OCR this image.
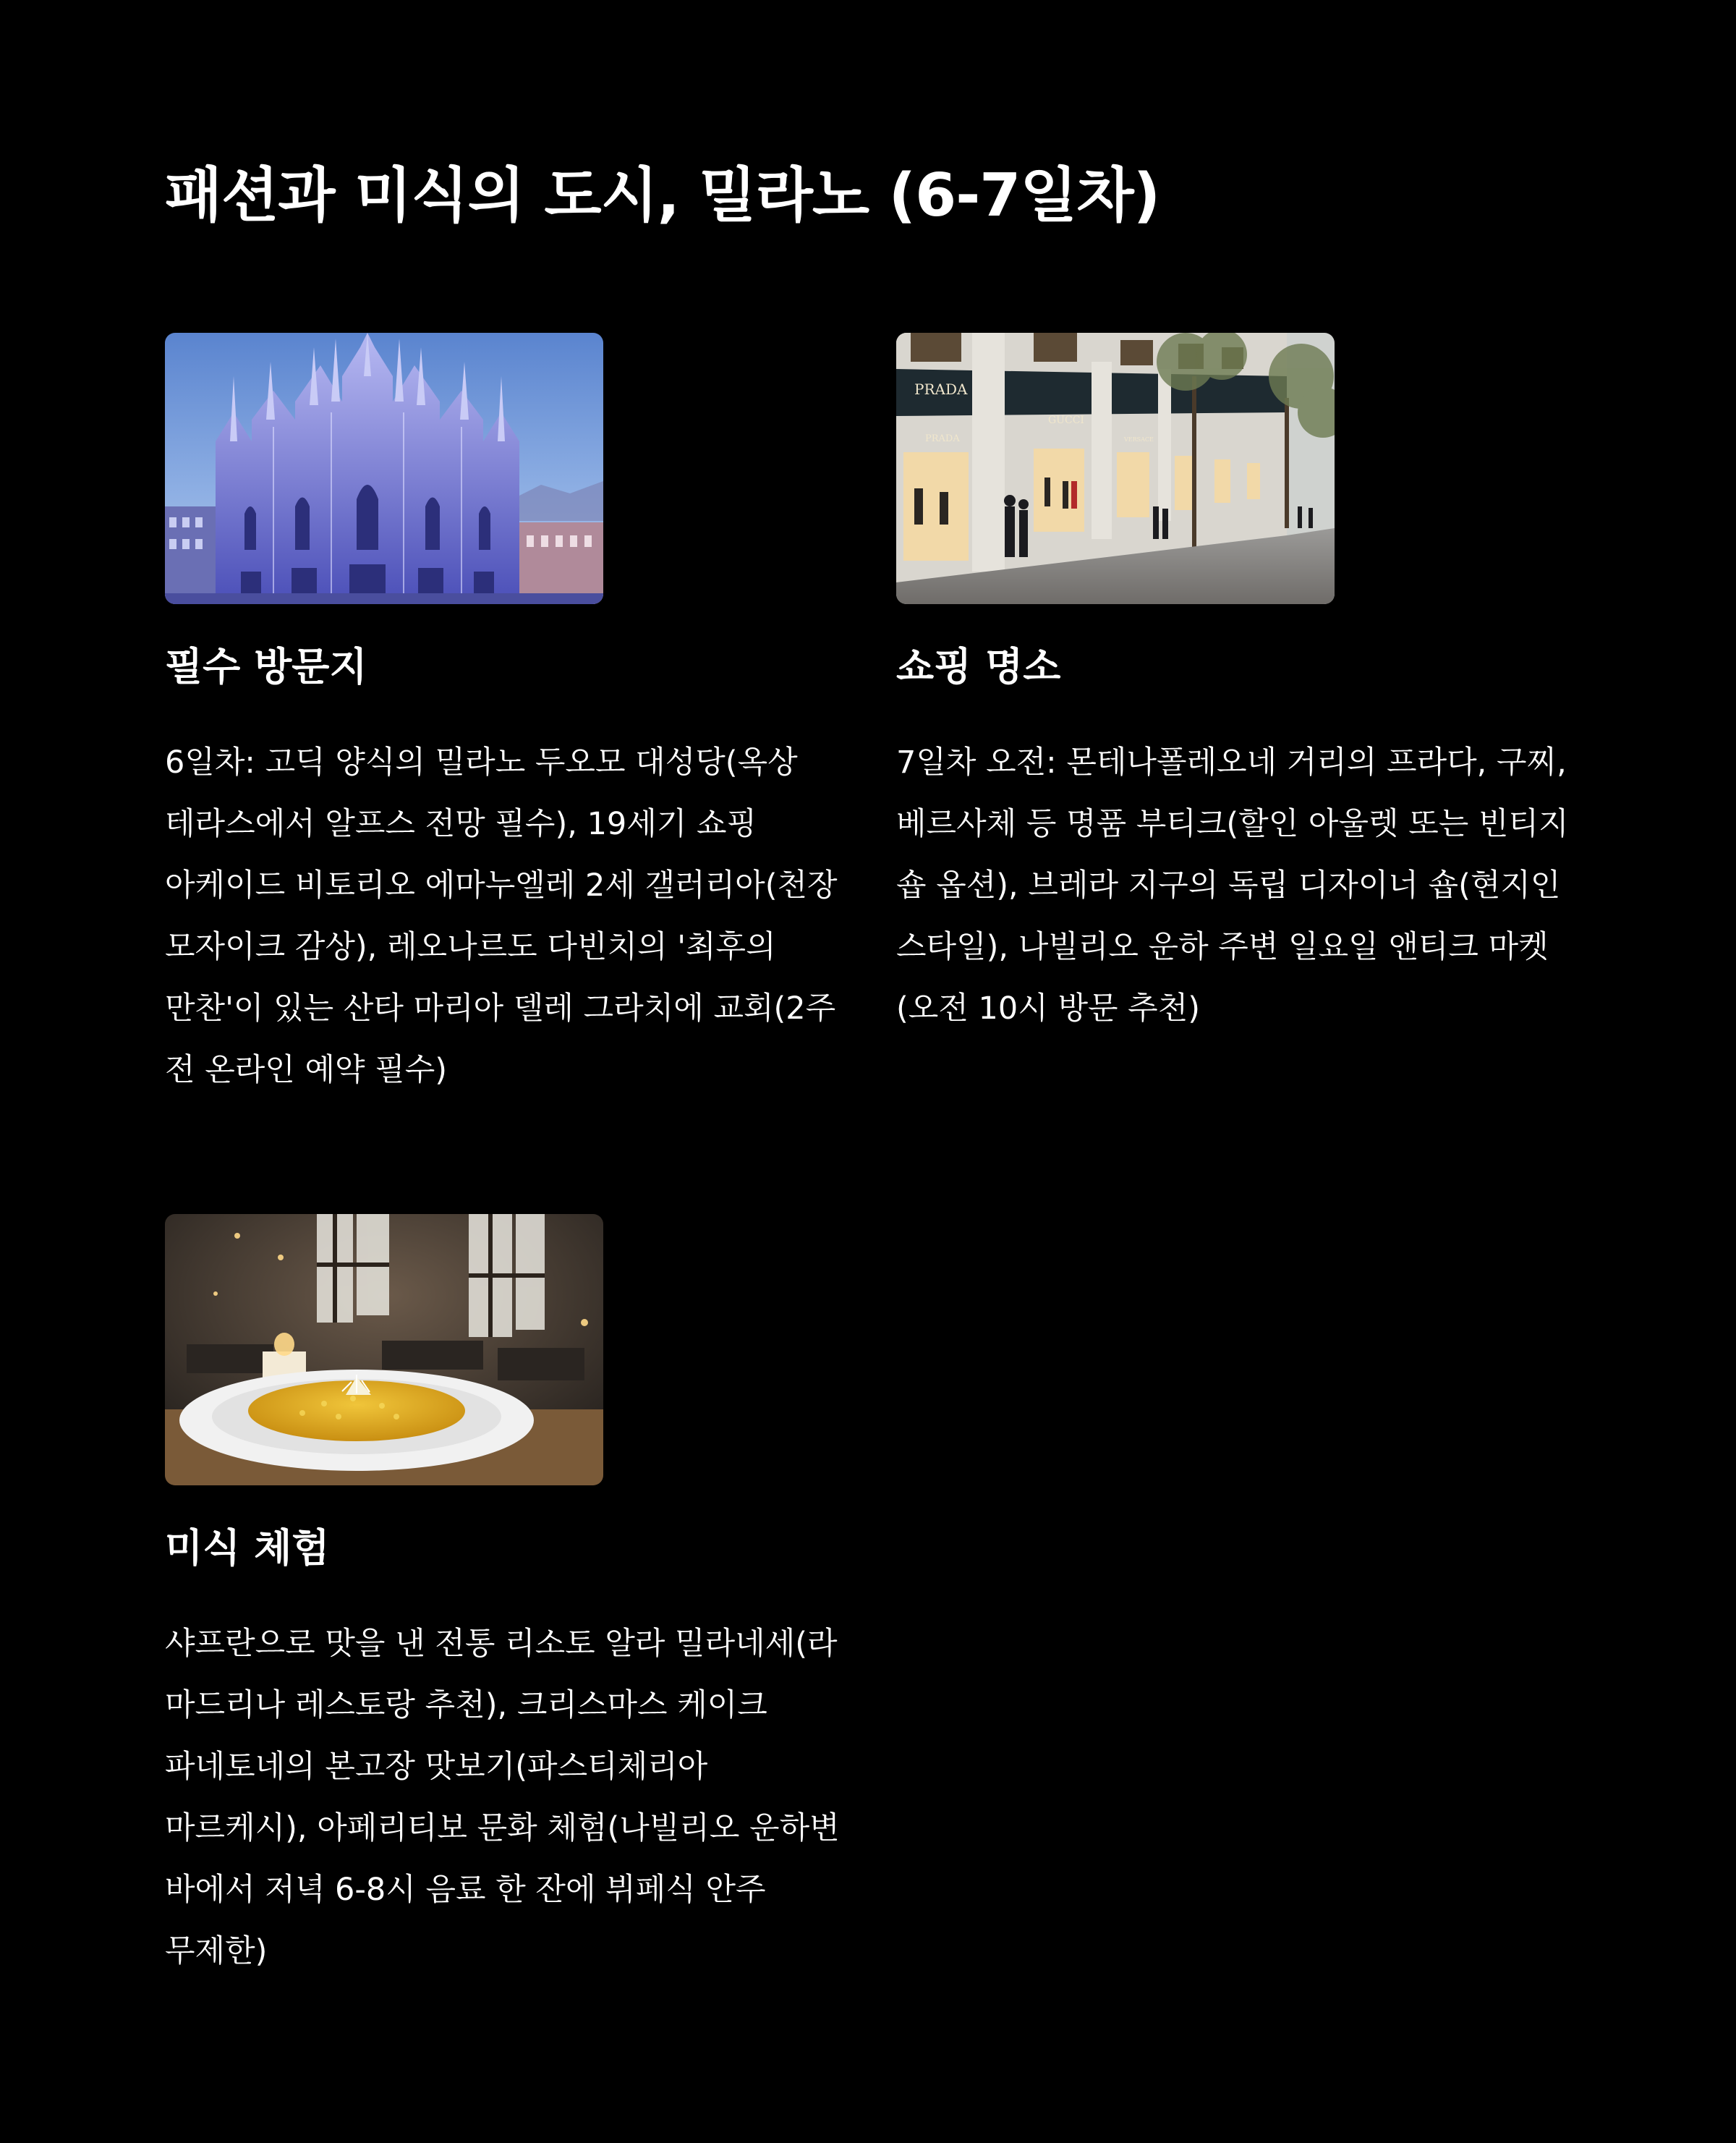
패션과 미식의 도시, 밀라노 (6-7일차)
필수 방문지

6일차: 고딕 양식의 밀라노 두오모 대성당(옥상 테라스에서 알프스 전망 필수), 19세기 쇼핑 아케이드 비토리오 에마누엘레 2세 갤러리아(천장 모자이크 감상), 레오나르도 다빈치의 '최후의 만찬'이 있는 산타 마리아 델레 그라치에 교회(2주 전 온라인 예약 필수)

PRADA
PRADA
GUCCI
VERSACE
쇼핑 명소

7일차 오전: 몬테나폴레오네 거리의 프라다, 구찌, 베르사체 등 명품 부티크(할인 아울렛 또는 빈티지 숍 옵션), 브레라 지구의 독립 디자이너 숍(현지인 스타일), 나빌리오 운하 주변 일요일 앤티크 마켓(오전 10시 방문 추천)

미식 체험

샤프란으로 맛을 낸 전통 리소토 알라 밀라네세(라 마드리나 레스토랑 추천), 크리스마스 케이크 파네토네의 본고장 맛보기(파스티체리아 마르케시), 아페리티보 문화 체험(나빌리오 운하변 바에서 저녁 6-8시 음료 한 잔에 뷔페식 안주 무제한)
